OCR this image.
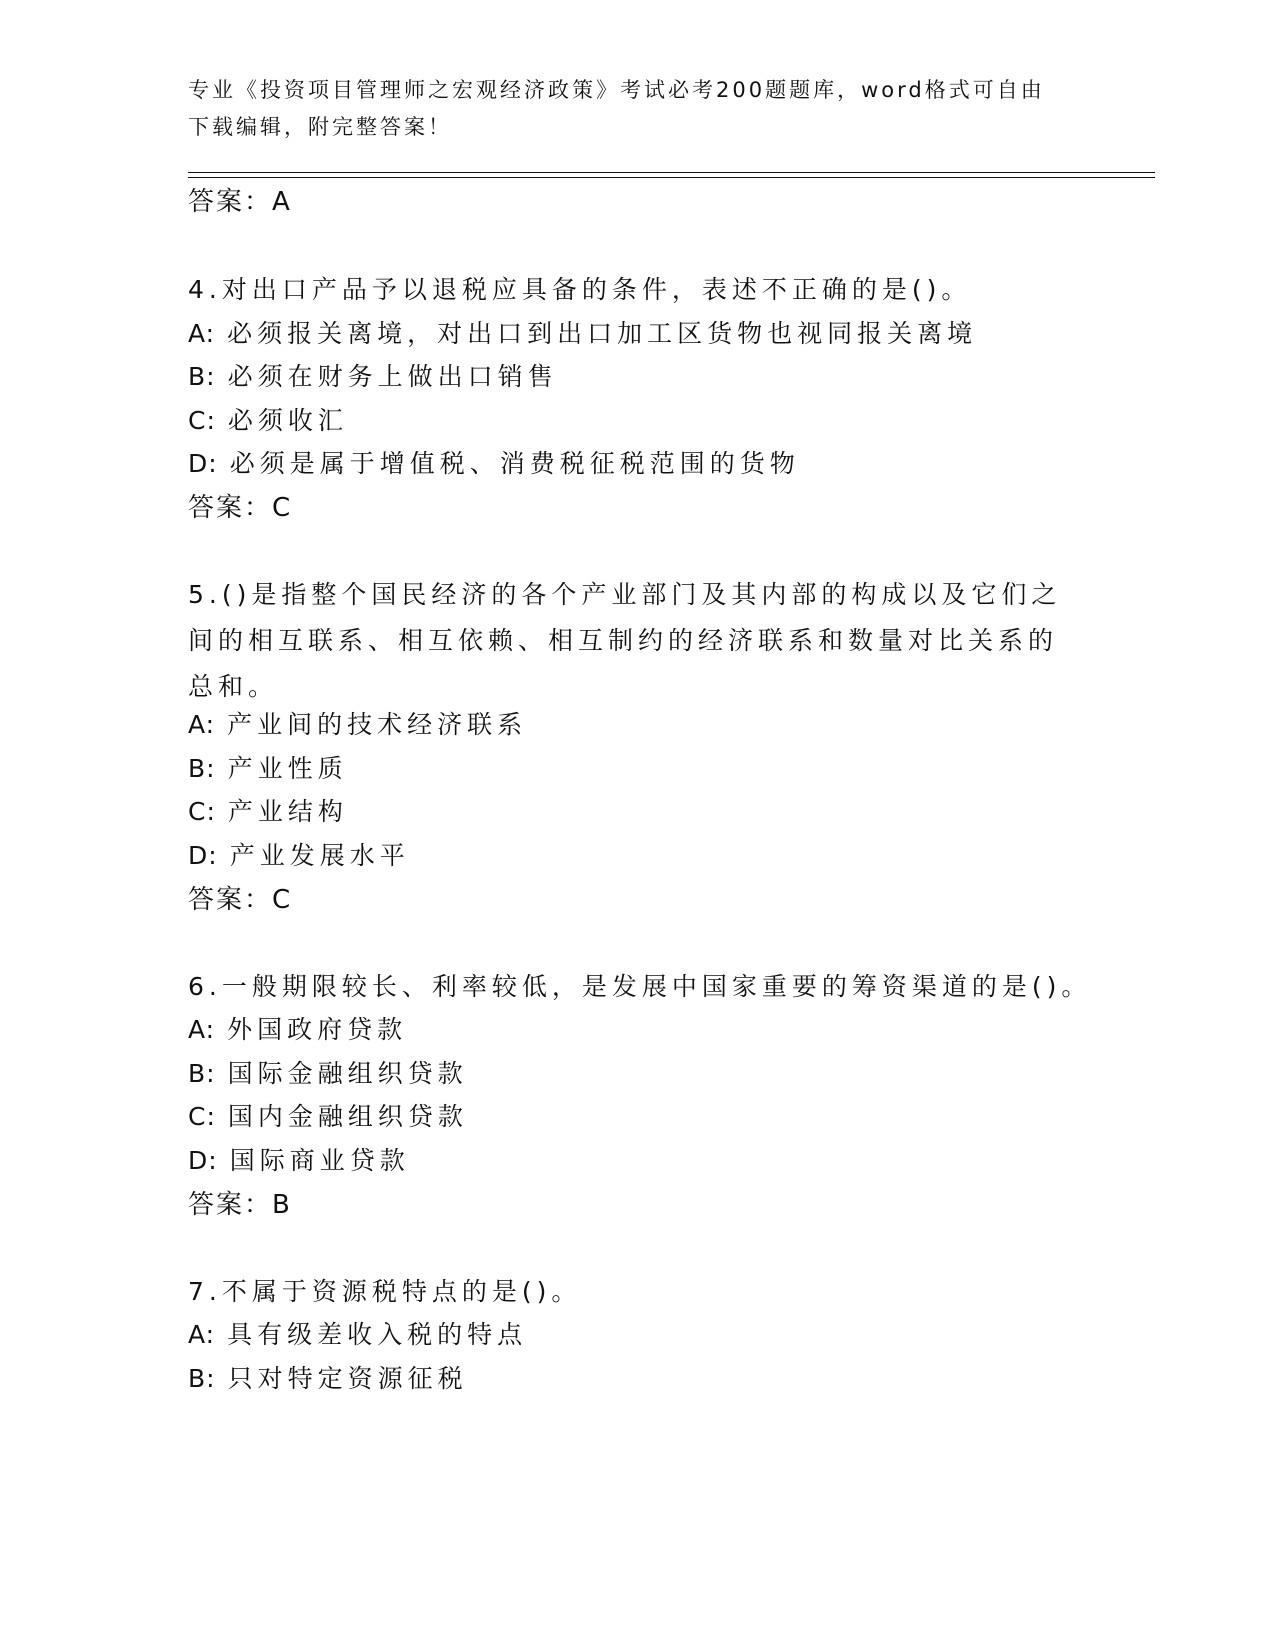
专业《投资项目管理师之宏观经济政策》考试必考200题题库，word格式可自由下载编辑，附完整答案！
答案：A
4.对出口产品予以退税应具备的条件，表述不正确的是()。
A: 必须报关离境，对出口到出口加工区货物也视同报关离境
B: 必须在财务上做出口销售
C: 必须收汇
D: 必须是属于增值税、消费税征税范围的货物
答案：C
5.()是指整个国民经济的各个产业部门及其内部的构成以及它们之间的相互联系、相互依赖、相互制约的经济联系和数量对比关系的总和。
A: 产业间的技术经济联系
B: 产业性质
C: 产业结构
D: 产业发展水平
答案：C
6.一般期限较长、利率较低，是发展中国家重要的筹资渠道的是()。
A: 外国政府贷款
B: 国际金融组织贷款
C: 国内金融组织贷款
D: 国际商业贷款
答案：B
7.不属于资源税特点的是()。
A: 具有级差收入税的特点
B: 只对特定资源征税
